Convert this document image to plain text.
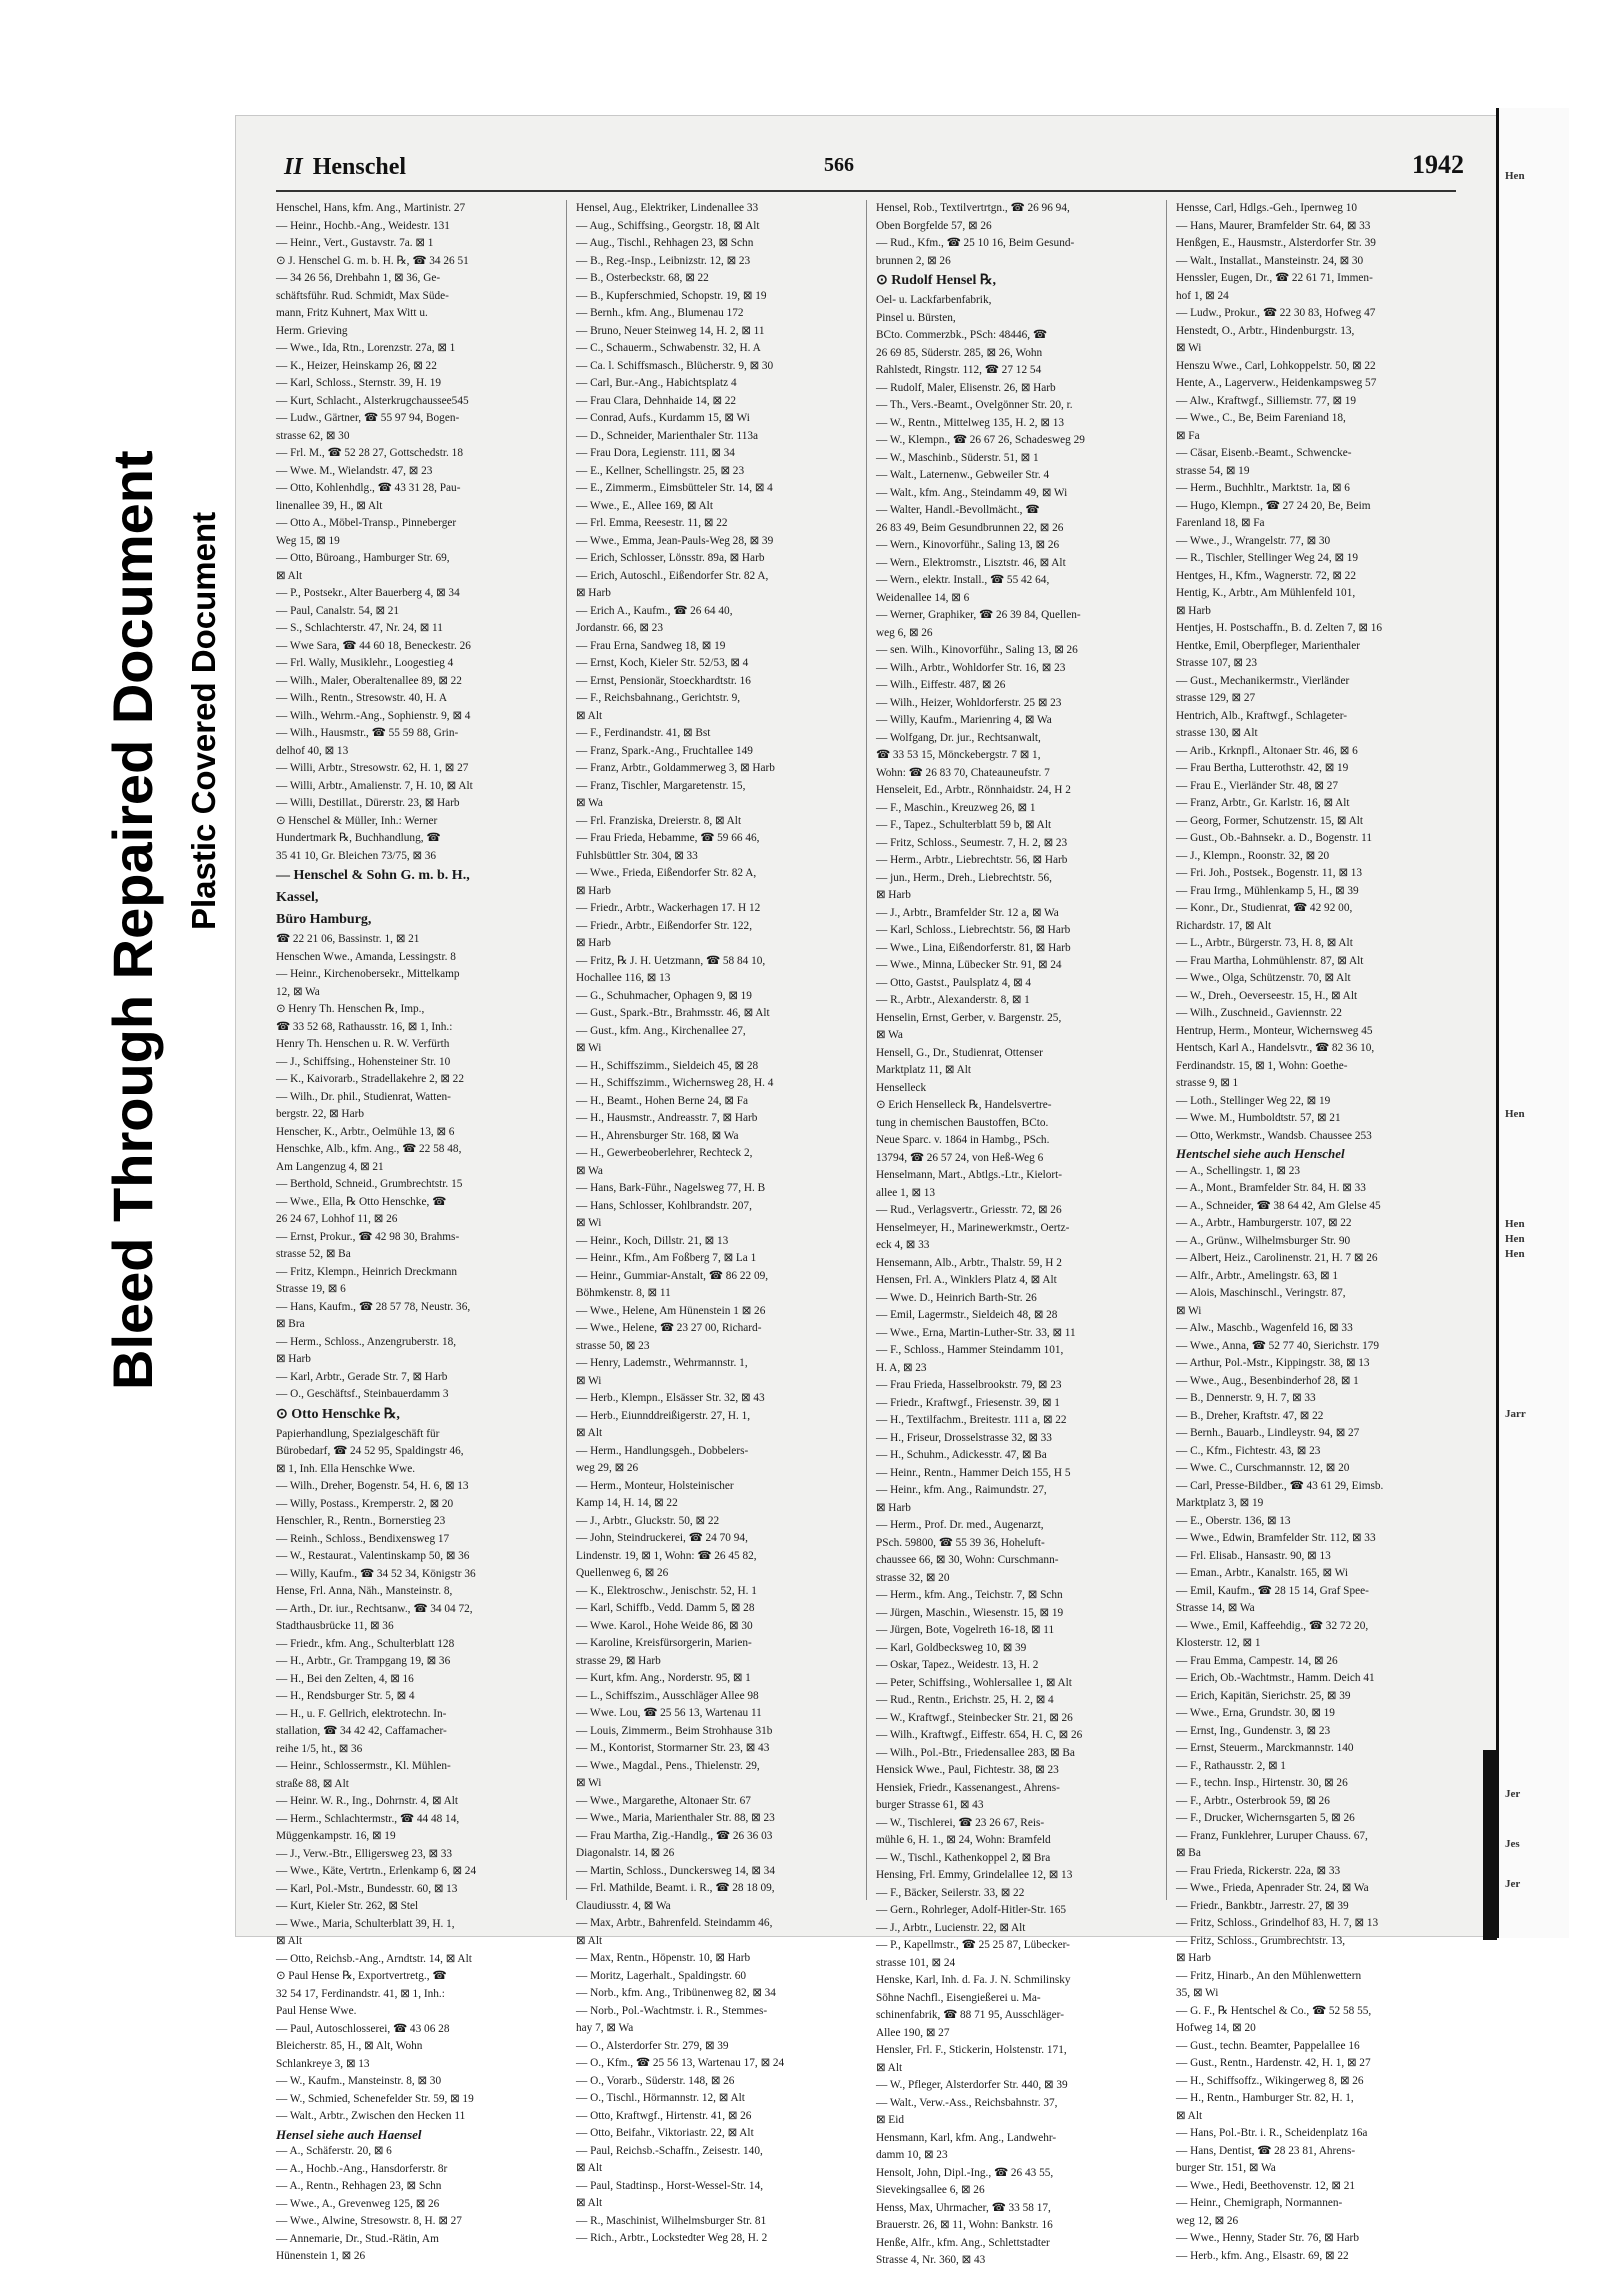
Bleed Through Repaired Document Plastic Covered Document
II Henschel	566	1942
Henschel, Hans, kfm. Ang., Martinistr. 27
— Heinr., Hochb.-Ang., Weidestr. 131
— Heinr., Vert., Gustavstr. 7a. ⊠ 1
⊙ J. Henschel G. m. b. H. ℞, ☎ 34 26 51
— 34 26 56, Drehbahn 1, ⊠ 36, Ge-
schäftsführ. Rud. Schmidt, Max Süde-
mann, Fritz Kuhnert, Max Witt u.
Herm. Grieving
— Wwe., Ida, Rtn., Lorenzstr. 27a, ⊠ 1
— K., Heizer, Heinskamp 26, ⊠ 22
— Karl, Schloss., Sternstr. 39, H. 19
— Kurt, Schlacht., Alsterkrugchaussee545
— Ludw., Gärtner, ☎ 55 97 94, Bogen-
strasse 62, ⊠ 30
— Frl. M., ☎ 52 28 27, Gottschedstr. 18
— Wwe. M., Wielandstr. 47, ⊠ 23
— Otto, Kohlenhdlg., ☎ 43 31 28, Pau-
linenallee 39, H., ⊠ Alt
— Otto A., Möbel-Transp., Pinneberger
Weg 15, ⊠ 19
— Otto, Büroang., Hamburger Str. 69,
⊠ Alt
— P., Postsekr., Alter Bauerberg 4, ⊠ 34
— Paul, Canalstr. 54, ⊠ 21
— S., Schlachterstr. 47, Nr. 24, ⊠ 11
— Wwe Sara, ☎ 44 60 18, Beneckestr. 26
— Frl. Wally, Musiklehr., Loogestieg 4
— Wilh., Maler, Oberaltenallee 89, ⊠ 22
— Wilh., Rentn., Stresowstr. 40, H. A
— Wilh., Wehrm.-Ang., Sophienstr. 9, ⊠ 4
— Wilh., Hausmstr., ☎ 55 59 88, Grin-
delhof 40, ⊠ 13
— Willi, Arbtr., Stresowstr. 62, H. 1, ⊠ 27
— Willi, Arbtr., Amalienstr. 7, H. 10, ⊠ Alt
— Willi, Destillat., Dürerstr. 23, ⊠ Harb
⊙ Henschel & Müller, Inh.: Werner
Hundertmark ℞, Buchhandlung, ☎
35 41 10, Gr. Bleichen 73/75, ⊠ 36
— Henschel & Sohn G. m. b. H.,
Kassel,
Büro Hamburg,
☎ 22 21 06, Bassinstr. 1, ⊠ 21
Henschen Wwe., Amanda, Lessingstr. 8
— Heinr., Kirchenobersekr., Mittelkamp
12, ⊠ Wa
⊙ Henry Th. Henschen ℞, Imp.,
☎ 33 52 68, Rathausstr. 16, ⊠ 1, Inh.:
Henry Th. Henschen u. R. W. Verfürth
— J., Schiffsing., Hohensteiner Str. 10
— K., Kaivorarb., Stradellakehre 2, ⊠ 22
— Wilh., Dr. phil., Studienrat, Watten-
bergstr. 22, ⊠ Harb
Henscher, K., Arbtr., Oelmühle 13, ⊠ 6
Henschke, Alb., kfm. Ang., ☎ 22 58 48,
Am Langenzug 4, ⊠ 21
— Berthold, Schneid., Grumbrechtstr. 15
— Wwe., Ella, ℞ Otto Henschke, ☎
26 24 67, Lohhof 11, ⊠ 26
— Ernst, Prokur., ☎ 42 98 30, Brahms-
strasse 52, ⊠ Ba
— Fritz, Klempn., Heinrich Dreckmann
Strasse 19, ⊠ 6
— Hans, Kaufm., ☎ 28 57 78, Neustr. 36,
⊠ Bra
— Herm., Schloss., Anzengruberstr. 18,
⊠ Harb
— Karl, Arbtr., Gerade Str. 7, ⊠ Harb
— O., Geschäftsf., Steinbauerdamm 3
⊙ Otto Henschke ℞,
Papierhandlung, Spezialgeschäft für
Bürobedarf, ☎ 24 52 95, Spaldingstr 46,
⊠ 1, Inh. Ella Henschke Wwe.
— Wilh., Dreher, Bogenstr. 54, H. 6, ⊠ 13
— Willy, Postass., Kremperstr. 2, ⊠ 20
Henschler, R., Rentn., Bornerstieg 23
— Reinh., Schloss., Bendixensweg 17
— W., Restaurat., Valentinskamp 50, ⊠ 36
— Willy, Kaufm., ☎ 34 52 34, Königstr 36
Hense, Frl. Anna, Näh., Mansteinstr. 8,
— Arth., Dr. iur., Rechtsanw., ☎ 34 04 72,
Stadthausbrücke 11, ⊠ 36
— Friedr., kfm. Ang., Schulterblatt 128
— H., Arbtr., Gr. Trampgang 19, ⊠ 36
— H., Bei den Zelten, 4, ⊠ 16
— H., Rendsburger Str. 5, ⊠ 4
— H., u. F. Gellrich, elektrotechn. In-
stallation, ☎ 34 42 42, Caffamacher-
reihe 1/5, ht., ⊠ 36
— Heinr., Schlossermstr., Kl. Mühlen-
straße 88, ⊠ Alt
— Heinr. W. R., Ing., Dohrnstr. 4, ⊠ Alt
— Herm., Schlachtermstr., ☎ 44 48 14,
Müggenkampstr. 16, ⊠ 19
— J., Verw.-Btr., Elligersweg 23, ⊠ 33
— Wwe., Käte, Vertrtn., Erlenkamp 6, ⊠ 24
— Karl, Pol.-Mstr., Bundesstr. 60, ⊠ 13
— Kurt, Kieler Str. 262, ⊠ Stel
— Wwe., Maria, Schulterblatt 39, H. 1,
⊠ Alt
— Otto, Reichsb.-Ang., Arndtstr. 14, ⊠ Alt
⊙ Paul Hense ℞, Exportvertretg., ☎
32 54 17, Ferdinandstr. 41, ⊠ 1, Inh.:
Paul Hense Wwe.
— Paul, Autoschlosserei, ☎ 43 06 28
Bleicherstr. 85, H., ⊠ Alt, Wohn
Schlankreye 3, ⊠ 13
— W., Kaufm., Mansteinstr. 8, ⊠ 30
— W., Schmied, Schenefelder Str. 59, ⊠ 19
— Walt., Arbtr., Zwischen den Hecken 11
Hensel siehe auch Haensel
— A., Schäferstr. 20, ⊠ 6
— A., Hochb.-Ang., Hansdorferstr. 8r
— A., Rentn., Rehhagen 23, ⊠ Schn
— Wwe., A., Grevenweg 125, ⊠ 26
— Wwe., Alwine, Stresowstr. 8, H. ⊠ 27
— Annemarie, Dr., Stud.-Rätin, Am
Hünenstein 1, ⊠ 26
Hensel, Aug., Elektriker, Lindenallee 33
— Aug., Schiffsing., Georgstr. 18, ⊠ Alt
— Aug., Tischl., Rehhagen 23, ⊠ Schn
— B., Reg.-Insp., Leibnizstr. 12, ⊠ 23
— B., Osterbeckstr. 68, ⊠ 22
— B., Kupferschmied, Schopstr. 19, ⊠ 19
— Bernh., kfm. Ang., Blumenau 172
— Bruno, Neuer Steinweg 14, H. 2, ⊠ 11
— C., Schauerm., Schwabenstr. 32, H. A
— Ca. l. Schiffsmasch., Blücherstr. 9, ⊠ 30
— Carl, Bur.-Ang., Habichtsplatz 4
— Frau Clara, Dehnhaide 14, ⊠ 22
— Conrad, Aufs., Kurdamm 15, ⊠ Wi
— D., Schneider, Marienthaler Str. 113a
— Frau Dora, Legienstr. 111, ⊠ 34
— E., Kellner, Schellingstr. 25, ⊠ 23
— E., Zimmerm., Eimsbütteler Str. 14, ⊠ 4
— Wwe., E., Allee 169, ⊠ Alt
— Frl. Emma, Reesestr. 11, ⊠ 22
— Wwe., Emma, Jean-Pauls-Weg 28, ⊠ 39
— Erich, Schlosser, Lönsstr. 89a, ⊠ Harb
— Erich, Autoschl., Eißendorfer Str. 82 A,
⊠ Harb
— Erich A., Kaufm., ☎ 26 64 40,
Jordanstr. 66, ⊠ 23
— Frau Erna, Sandweg 18, ⊠ 19
— Ernst, Koch, Kieler Str. 52/53, ⊠ 4
— Ernst, Pensionär, Stoeckhardtstr. 16
— F., Reichsbahnang., Gerichtstr. 9,
⊠ Alt
— F., Ferdinandstr. 41, ⊠ Bst
— Franz, Spark.-Ang., Fruchtallee 149
— Franz, Arbtr., Goldammerweg 3, ⊠ Harb
— Franz, Tischler, Margaretenstr. 15,
⊠ Wa
— Frl. Franziska, Dreierstr. 8, ⊠ Alt
— Frau Frieda, Hebamme, ☎ 59 66 46,
Fuhlsbüttler Str. 304, ⊠ 33
— Wwe., Frieda, Eißendorfer Str. 82 A,
⊠ Harb
— Friedr., Arbtr., Wackerhagen 17. H 12
— Friedr., Arbtr., Eißendorfer Str. 122,
⊠ Harb
— Fritz, ℞ J. H. Uetzmann, ☎ 58 84 10,
Hochallee 116, ⊠ 13
— G., Schuhmacher, Ophagen 9, ⊠ 19
— Gust., Spark.-Btr., Brahmsstr. 46, ⊠ Alt
— Gust., kfm. Ang., Kirchenallee 27,
⊠ Wi
— H., Schiffszimm., Sieldeich 45, ⊠ 28
— H., Schiffszimm., Wichernsweg 28, H. 4
— H., Beamt., Hohen Berne 24, ⊠ Fa
— H., Hausmstr., Andreasstr. 7, ⊠ Harb
— H., Ahrensburger Str. 168, ⊠ Wa
— H., Gewerbeoberlehrer, Rechteck 2,
⊠ Wa
— Hans, Bark-Führ., Nagelsweg 77, H. B
— Hans, Schlosser, Kohlbrandstr. 207,
⊠ Wi
— Heinr., Koch, Dillstr. 21, ⊠ 13
— Heinr., Kfm., Am Foßberg 7, ⊠ La 1
— Heinr., Gummiar-Anstalt, ☎ 86 22 09,
Böhmkenstr. 8, ⊠ 11
— Wwe., Helene, Am Hünenstein 1 ⊠ 26
— Wwe., Helene, ☎ 23 27 00, Richard-
strasse 50, ⊠ 23
— Henry, Lademstr., Wehrmannstr. 1,
⊠ Wi
— Herb., Klempn., Elsässer Str. 32, ⊠ 43
— Herb., Eiunnddreißigerstr. 27, H. 1,
⊠ Alt
— Herm., Handlungsgeh., Dobbelers-
weg 29, ⊠ 26
— Herm., Monteur, Holsteinischer
Kamp 14, H. 14, ⊠ 22
— J., Arbtr., Gluckstr. 50, ⊠ 22
— John, Steindruckerei, ☎ 24 70 94,
Lindenstr. 19, ⊠ 1, Wohn: ☎ 26 45 82,
Quellenweg 6, ⊠ 26
— K., Elektroschw., Jenischstr. 52, H. 1
— Karl, Schiffb., Vedd. Damm 5, ⊠ 28
— Wwe. Karol., Hohe Weide 86, ⊠ 30
— Karoline, Kreisfürsorgerin, Marien-
strasse 29, ⊠ Harb
— Kurt, kfm. Ang., Norderstr. 95, ⊠ 1
— L., Schiffszim., Ausschläger Allee 98
— Wwe. Lou, ☎ 25 56 13, Wartenau 11
— Louis, Zimmerm., Beim Strohhause 31b
— M., Kontorist, Stormarner Str. 23, ⊠ 43
— Wwe., Magdal., Pens., Thielenstr. 29,
⊠ Wi
— Wwe., Margarethe, Altonaer Str. 67
— Wwe., Maria, Marienthaler Str. 88, ⊠ 23
— Frau Martha, Zig.-Handlg., ☎ 26 36 03
Diagonalstr. 14, ⊠ 26
— Martin, Schloss., Dunckersweg 14, ⊠ 34
— Frl. Mathilde, Beamt. i. R., ☎ 28 18 09,
Claudiusstr. 4, ⊠ Wa
— Max, Arbtr., Bahrenfeld. Steindamm 46,
⊠ Alt
— Max, Rentn., Höpenstr. 10, ⊠ Harb
— Moritz, Lagerhalt., Spaldingstr. 60
— Norb., kfm. Ang., Tribünenweg 82, ⊠ 34
— Norb., Pol.-Wachtmstr. i. R., Stemmes-
hay 7, ⊠ Wa
— O., Alsterdorfer Str. 279, ⊠ 39
— O., Kfm., ☎ 25 56 13, Wartenau 17, ⊠ 24
— O., Vorarb., Süderstr. 148, ⊠ 26
— O., Tischl., Hörmannstr. 12, ⊠ Alt
— Otto, Kraftwgf., Hirtenstr. 41, ⊠ 26
— Otto, Beifahr., Viktoriastr. 22, ⊠ Alt
— Paul, Reichsb.-Schaffn., Zeisestr. 140,
⊠ Alt
— Paul, Stadtinsp., Horst-Wessel-Str. 14,
⊠ Alt
— R., Maschinist, Wilhelmsburger Str. 81
— Rich., Arbtr., Lockstedter Weg 28, H. 2
Hensel, Rob., Textilvertrtgn., ☎ 26 96 94,
Oben Borgfelde 57, ⊠ 26
— Rud., Kfm., ☎ 25 10 16, Beim Gesund-
brunnen 2, ⊠ 26
⊙ Rudolf Hensel ℞,
Oel- u. Lackfarbenfabrik,
Pinsel u. Bürsten,
BCto. Commerzbk., PSch: 48446, ☎
26 69 85, Süderstr. 285, ⊠ 26, Wohn
Rahlstedt, Ringstr. 112, ☎ 27 12 54
— Rudolf, Maler, Elisenstr. 26, ⊠ Harb
— Th., Vers.-Beamt., Ovelgönner Str. 20, r.
— W., Rentn., Mittelweg 135, H. 2, ⊠ 13
— W., Klempn., ☎ 26 67 26, Schadesweg 29
— W., Maschinb., Süderstr. 51, ⊠ 1
— Walt., Laternenw., Gebweiler Str. 4
— Walt., kfm. Ang., Steindamm 49, ⊠ Wi
— Walter, Handl.-Bevollmächt., ☎
26 83 49, Beim Gesundbrunnen 22, ⊠ 26
— Wern., Kinovorführ., Saling 13, ⊠ 26
— Wern., Elektromstr., Lisztstr. 46, ⊠ Alt
— Wern., elektr. Install., ☎ 55 42 64,
Weidenallee 14, ⊠ 6
— Werner, Graphiker, ☎ 26 39 84, Quellen-
weg 6, ⊠ 26
— sen. Wilh., Kinovorführ., Saling 13, ⊠ 26
— Wilh., Arbtr., Wohldorfer Str. 16, ⊠ 23
— Wilh., Eiffestr. 487, ⊠ 26
— Wilh., Heizer, Wohldorferstr. 25 ⊠ 23
— Willy, Kaufm., Marienring 4, ⊠ Wa
— Wolfgang, Dr. jur., Rechtsanwalt,
☎ 33 53 15, Mönckebergstr. 7 ⊠ 1,
Wohn: ☎ 26 83 70, Chateauneufstr. 7
Henseleit, Ed., Arbtr., Rönnhaidstr. 24, H 2
— F., Maschin., Kreuzweg 26, ⊠ 1
— F., Tapez., Schulterblatt 59 b, ⊠ Alt
— Fritz, Schloss., Seumestr. 7, H. 2, ⊠ 23
— Herm., Arbtr., Liebrechtstr. 56, ⊠ Harb
— jun., Herm., Dreh., Liebrechtstr. 56,
⊠ Harb
— J., Arbtr., Bramfelder Str. 12 a, ⊠ Wa
— Karl, Schloss., Liebrechtstr. 56, ⊠ Harb
— Wwe., Lina, Eißendorferstr. 81, ⊠ Harb
— Wwe., Minna, Lübecker Str. 91, ⊠ 24
— Otto, Gastst., Paulsplatz 4, ⊠ 4
— R., Arbtr., Alexanderstr. 8, ⊠ 1
Henselin, Ernst, Gerber, v. Bargenstr. 25,
⊠ Wa
Hensell, G., Dr., Studienrat, Ottenser
Marktplatz 11, ⊠ Alt
Henselleck
⊙ Erich Henselleck ℞, Handelsvertre-
tung in chemischen Baustoffen, BCto.
Neue Sparc. v. 1864 in Hambg., PSch.
13794, ☎ 26 57 24, von Heß-Weg 6
Henselmann, Mart., Abtlgs.-Ltr., Kielort-
allee 1, ⊠ 13
— Rud., Verlagsvertr., Griesstr. 72, ⊠ 26
Henselmeyer, H., Marinewerkmstr., Oertz-
eck 4, ⊠ 33
Hensemann, Alb., Arbtr., Thalstr. 59, H 2
Hensen, Frl. A., Winklers Platz 4, ⊠ Alt
— Wwe. D., Heinrich Barth-Str. 26
— Emil, Lagermstr., Sieldeich 48, ⊠ 28
— Wwe., Erna, Martin-Luther-Str. 33, ⊠ 11
— F., Schloss., Hammer Steindamm 101,
H. A, ⊠ 23
— Frau Frieda, Hasselbrookstr. 79, ⊠ 23
— Friedr., Kraftwgf., Friesenstr. 39, ⊠ 1
— H., Textilfachm., Breitestr. 111 a, ⊠ 22
— H., Friseur, Drosselstrasse 32, ⊠ 33
— H., Schuhm., Adickesstr. 47, ⊠ Ba
— Heinr., Rentn., Hammer Deich 155, H 5
— Heinr., kfm. Ang., Raimundstr. 27,
⊠ Harb
— Herm., Prof. Dr. med., Augenarzt,
PSch. 59800, ☎ 55 39 36, Hoheluft-
chaussee 66, ⊠ 30, Wohn: Curschmann-
strasse 32, ⊠ 20
— Herm., kfm. Ang., Teichstr. 7, ⊠ Schn
— Jürgen, Maschin., Wiesenstr. 15, ⊠ 19
— Jürgen, Bote, Vogelreth 16-18, ⊠ 11
— Karl, Goldbecksweg 10, ⊠ 39
— Oskar, Tapez., Weidestr. 13, H. 2
— Peter, Schiffsing., Wohlersallee 1, ⊠ Alt
— Rud., Rentn., Erichstr. 25, H. 2, ⊠ 4
— W., Kraftwgf., Steinbecker Str. 21, ⊠ 26
— Wilh., Kraftwgf., Eiffestr. 654, H. C, ⊠ 26
— Wilh., Pol.-Btr., Friedensallee 283, ⊠ Ba
Hensick Wwe., Paul, Fichtestr. 38, ⊠ 23
Hensiek, Friedr., Kassenangest., Ahrens-
burger Strasse 61, ⊠ 43
— W., Tischlerei, ☎ 23 26 67, Reis-
mühle 6, H. 1., ⊠ 24, Wohn: Bramfeld
— W., Tischl., Kathenkoppel 2, ⊠ Bra
Hensing, Frl. Emmy, Grindelallee 12, ⊠ 13
— F., Bäcker, Seilerstr. 33, ⊠ 22
— Gern., Rohrleger, Adolf-Hitler-Str. 165
— J., Arbtr., Lucienstr. 22, ⊠ Alt
— P., Kapellmstr., ☎ 25 25 87, Lübecker-
strasse 101, ⊠ 24
Henske, Karl, Inh. d. Fa. J. N. Schmilinsky
Söhne Nachfl., Eisengießerei u. Ma-
schinenfabrik, ☎ 88 71 95, Ausschläger-
Allee 190, ⊠ 27
Hensler, Frl. F., Stickerin, Holstenstr. 171,
⊠ Alt
— W., Pfleger, Alsterdorfer Str. 440, ⊠ 39
— Walt., Verw.-Ass., Reichsbahnstr. 37,
⊠ Eid
Hensmann, Karl, kfm. Ang., Landwehr-
damm 10, ⊠ 23
Hensolt, John, Dipl.-Ing., ☎ 26 43 55,
Sievekingsallee 6, ⊠ 26
Henss, Max, Uhrmacher, ☎ 33 58 17,
Brauerstr. 26, ⊠ 11, Wohn: Bankstr. 16
Henße, Alfr., kfm. Ang., Schlettstadter
Strasse 4, Nr. 360, ⊠ 43
Hensse, Carl, Hdlgs.-Geh., Ipernweg 10
— Hans, Maurer, Bramfelder Str. 64, ⊠ 33
Henßgen, E., Hausmstr., Alsterdorfer Str. 39
— Walt., Installat., Mansteinstr. 24, ⊠ 30
Henssler, Eugen, Dr., ☎ 22 61 71, Immen-
hof 1, ⊠ 24
— Ludw., Prokur., ☎ 22 30 83, Hofweg 47
Henstedt, O., Arbtr., Hindenburgstr. 13,
⊠ Wi
Henszu Wwe., Carl, Lohkoppelstr. 50, ⊠ 22
Hente, A., Lagerverw., Heidenkampsweg 57
— Alw., Kraftwgf., Silliemstr. 77, ⊠ 19
— Wwe., C., Be, Beim Fareniand 18,
⊠ Fa
— Cäsar, Eisenb.-Beamt., Schwencke-
strasse 54, ⊠ 19
— Herm., Buchhltr., Marktstr. 1a, ⊠ 6
— Hugo, Klempn., ☎ 27 24 20, Be, Beim
Farenland 18, ⊠ Fa
— Wwe., J., Wrangelstr. 77, ⊠ 30
— R., Tischler, Stellinger Weg 24, ⊠ 19
Hentges, H., Kfm., Wagnerstr. 72, ⊠ 22
Hentig, K., Arbtr., Am Mühlenfeld 101,
⊠ Harb
Hentjes, H. Postschaffn., B. d. Zelten 7, ⊠ 16
Hentke, Emil, Oberpfleger, Marienthaler
Strasse 107, ⊠ 23
— Gust., Mechanikermstr., Vierländer
strasse 129, ⊠ 27
Hentrich, Alb., Kraftwgf., Schlageter-
strasse 130, ⊠ Alt
— Arib., Krknpfl., Altonaer Str. 46, ⊠ 6
— Frau Bertha, Lutterothstr. 42, ⊠ 19
— Frau E., Vierländer Str. 48, ⊠ 27
— Franz, Arbtr., Gr. Karlstr. 16, ⊠ Alt
— Georg, Former, Schutzenstr. 15, ⊠ Alt
— Gust., Ob.-Bahnsekr. a. D., Bogenstr. 11
— J., Klempn., Roonstr. 32, ⊠ 20
— Fri. Joh., Postsek., Bogenstr. 11, ⊠ 13
— Frau Irmg., Mühlenkamp 5, H., ⊠ 39
— Konr., Dr., Studienrat, ☎ 42 92 00,
Richardstr. 17, ⊠ Alt
— L., Arbtr., Bürgerstr. 73, H. 8, ⊠ Alt
— Frau Martha, Lohmühlenstr. 87, ⊠ Alt
— Wwe., Olga, Schützenstr. 70, ⊠ Alt
— W., Dreh., Oeverseestr. 15, H., ⊠ Alt
— Wilh., Zuschneid., Gaviennstr. 22
Hentrup, Herm., Monteur, Wichernsweg 45
Hentsch, Karl A., Handelsvtr., ☎ 82 36 10,
Ferdinandstr. 15, ⊠ 1, Wohn: Goethe-
strasse 9, ⊠ 1
— Loth., Stellinger Weg 22, ⊠ 19
— Wwe. M., Humboldtstr. 57, ⊠ 21
— Otto, Werkmstr., Wandsb. Chaussee 253
Hentschel siehe auch Henschel
— A., Schellingstr. 1, ⊠ 23
— A., Mont., Bramfelder Str. 84, H. ⊠ 33
— A., Schneider, ☎ 38 64 42, Am Glelse 45
— A., Arbtr., Hamburgerstr. 107, ⊠ 22
— A., Grünw., Wilhelmsburger Str. 90
— Albert, Heiz., Carolinenstr. 21, H. 7 ⊠ 26
— Alfr., Arbtr., Amelingstr. 63, ⊠ 1
— Alois, Maschinschl., Veringstr. 87,
⊠ Wi
— Alw., Maschb., Wagenfeld 16, ⊠ 33
— Wwe., Anna, ☎ 52 77 40, Sierichstr. 179
— Arthur, Pol.-Mstr., Kippingstr. 38, ⊠ 13
— Wwe., Aug., Besenbinderhof 28, ⊠ 1
— B., Dennerstr. 9, H. 7, ⊠ 33
— B., Dreher, Kraftstr. 47, ⊠ 22
— Bernh., Bauarb., Lindleystr. 94, ⊠ 27
— C., Kfm., Fichtestr. 43, ⊠ 23
— Wwe. C., Curschmannstr. 12, ⊠ 20
— Carl, Presse-Bildber., ☎ 43 61 29, Eimsb.
Marktplatz 3, ⊠ 19
— E., Oberstr. 136, ⊠ 13
— Wwe., Edwin, Bramfelder Str. 112, ⊠ 33
— Frl. Elisab., Hansastr. 90, ⊠ 13
— Eman., Arbtr., Kanalstr. 165, ⊠ Wi
— Emil, Kaufm., ☎ 28 15 14, Graf Spee-
Strasse 14, ⊠ Wa
— Wwe., Emil, Kaffeehdig., ☎ 32 72 20,
Klosterstr. 12, ⊠ 1
— Frau Emma, Campestr. 14, ⊠ 26
— Erich, Ob.-Wachtmstr., Hamm. Deich 41
— Erich, Kapitän, Sierichstr. 25, ⊠ 39
— Wwe., Erna, Grundstr. 30, ⊠ 19
— Ernst, Ing., Gundenstr. 3, ⊠ 23
— Ernst, Steuerm., Marckmannstr. 140
— F., Rathausstr. 2, ⊠ 1
— F., techn. Insp., Hirtenstr. 30, ⊠ 26
— F., Arbtr., Osterbrook 59, ⊠ 26
— F., Drucker, Wichernsgarten 5, ⊠ 26
— Franz, Funklehrer, Luruper Chauss. 67,
⊠ Ba
— Frau Frieda, Rickerstr. 22a, ⊠ 33
— Wwe., Frieda, Apenrader Str. 24, ⊠ Wa
— Friedr., Bankbtr., Jarrestr. 27, ⊠ 39
— Fritz, Schloss., Grindelhof 83, H. 7, ⊠ 13
— Fritz, Schloss., Grumbrechtstr. 13,
⊠ Harb
— Fritz, Hinarb., An den Mühlenwettern
35, ⊠ Wi
— G. F., ℞ Hentschel & Co., ☎ 52 58 55,
Hofweg 14, ⊠ 20
— Gust., techn. Beamter, Pappelallee 16
— Gust., Rentn., Hardenstr. 42, H. 1, ⊠ 27
— H., Schiffsoffz., Wikingerweg 8, ⊠ 26
— H., Rentn., Hamburger Str. 82, H. 1,
⊠ Alt
— Hans, Pol.-Btr. i. R., Scheidenplatz 16a
— Hans, Dentist, ☎ 28 23 81, Ahrens-
burger Str. 151, ⊠ Wa
— Wwe., Hedi, Beethovenstr. 12, ⊠ 21
— Heinr., Chemigraph, Normannen-
weg 12, ⊠ 26
— Wwe., Henny, Stader Str. 76, ⊠ Harb
— Herb., kfm. Ang., Elsastr. 69, ⊠ 22
Hen
Hen
Hen
Hen
Hen
Jarr
Jer
Jes
Jer
